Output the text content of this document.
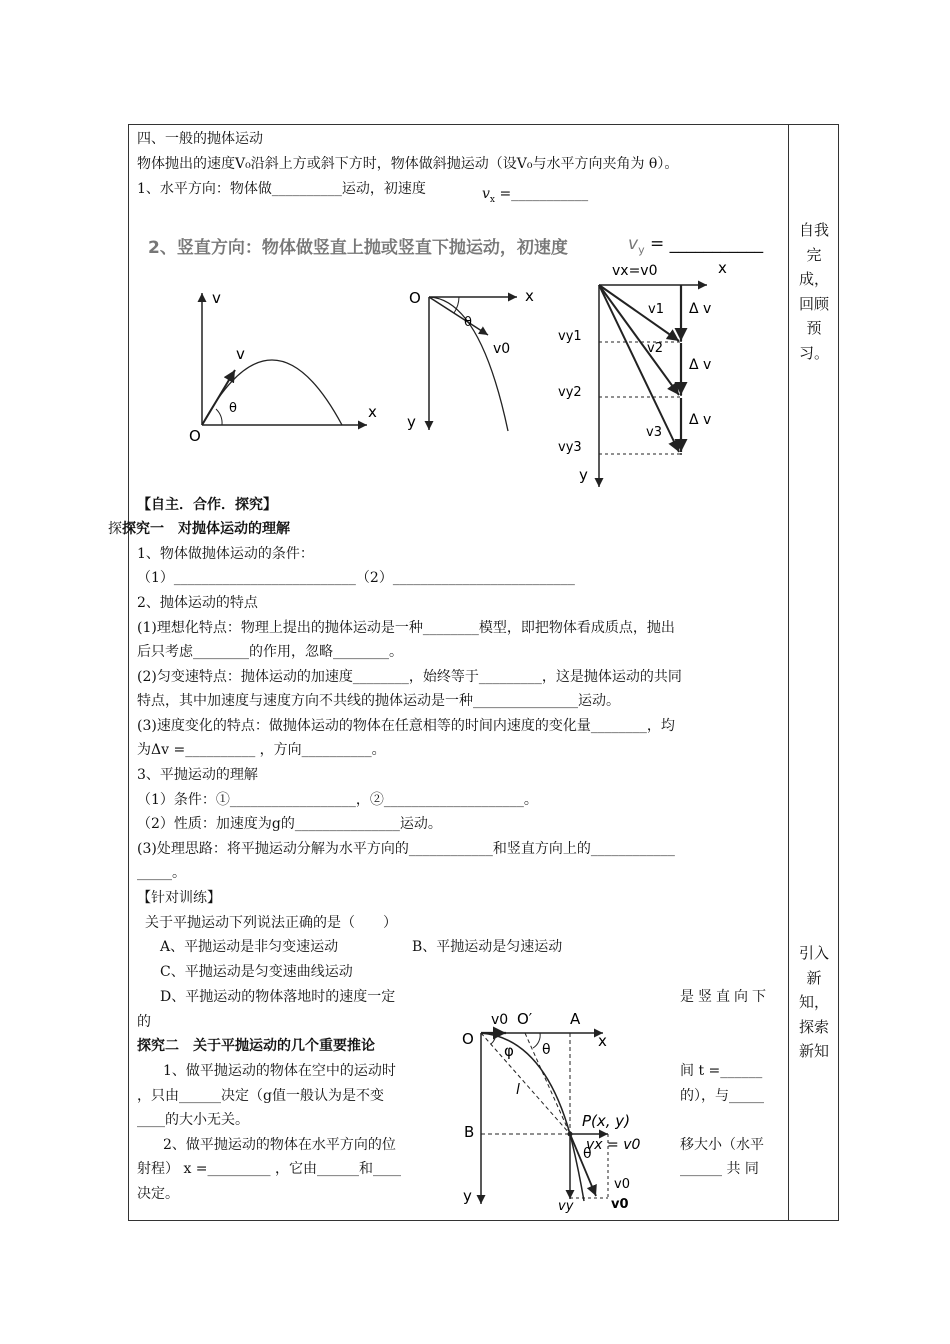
四、一般的抛体运动
物体抛出的速度V₀沿斜上方或斜下方时，物体做斜抛运动（设V₀与水平方向夹角为 θ）。
1、水平方向：物体做__________运动，初速度	$v_x$ =___________
2、竖直方向：物体做竖直上抛或竖直下抛运动，初速度	$v_y$ = ___________
v
x
O
v
θ
O	x
y
θ
v0
vx=v0	x
y
v1
v2
v3
vy1
vy2
vy3
Δ v
Δ v
Δ v
【自主．合作．探究】
探 探究一　对抛体运动的理解
1、物体做抛体运动的条件：
（1）__________________________（2）__________________________
2、抛体运动的特点
(1)理想化特点：物理上提出的抛体运动是一种________模型，即把物体看成质点，抛出
后只考虑________的作用，忽略________。
(2)匀变速特点：抛体运动的加速度________，始终等于_________，这是抛体运动的共同
特点，其中加速度与速度方向不共线的抛体运动是一种_______________运动。
(3)速度变化的特点：做抛体运动的物体在任意相等的时间内速度的变化量________，均
为Δv =__________ ，方向__________。
3、平抛运动的理解
（1）条件：①__________________，②____________________。
（2）性质：加速度为g的_______________运动。
(3)处理思路：将平抛运动分解为水平方向的____________和竖直方向上的____________
_____。
【针对训练】
关于平抛运动下列说法正确的是（　　）
A、平抛运动是非匀变速运动	B、平抛运动是匀速运动
C、平抛运动是匀变速曲线运动
D、平抛运动的物体落地时的速度一定	是竖直向下
的
探究二　关于平抛运动的几个重要推论
1、做平抛运动的物体在空中的运动时	间 t =______
，只由______决定（g值一般认为是不变	的），与_____
____的大小无关。
2、做平抛运动的物体在水平方向的位	移大小（水平
射程） x =_________ ，它由______和____	______ 共 同
决定。
v0 O′	A
x
O
φ θ
l
P(x, y)
B
vx = v0
θ
y
vy
v0
v0
自我
完
成，
回顾
预
习。
引入
新
知，
探索
新知
